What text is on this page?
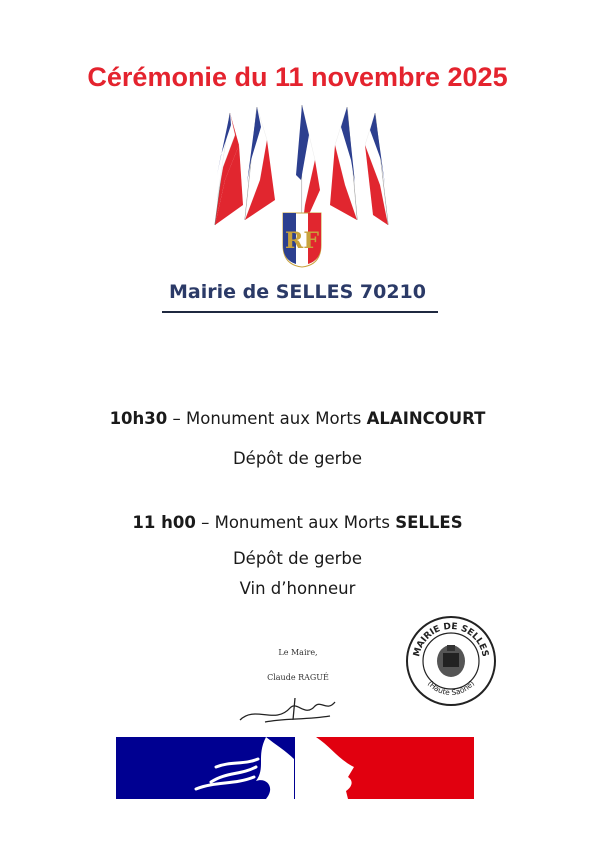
Cérémonie du 11 novembre 2025
RF
Mairie de SELLES 70210
10h30 – Monument aux Morts ALAINCOURT
Dépôt de gerbe
11 h00 – Monument aux Morts SELLES
Dépôt de gerbe
Vin d’honneur
Le Maire,
Claude RAGUÉ
MAIRIE DE SELLES
(Haute Saône)
